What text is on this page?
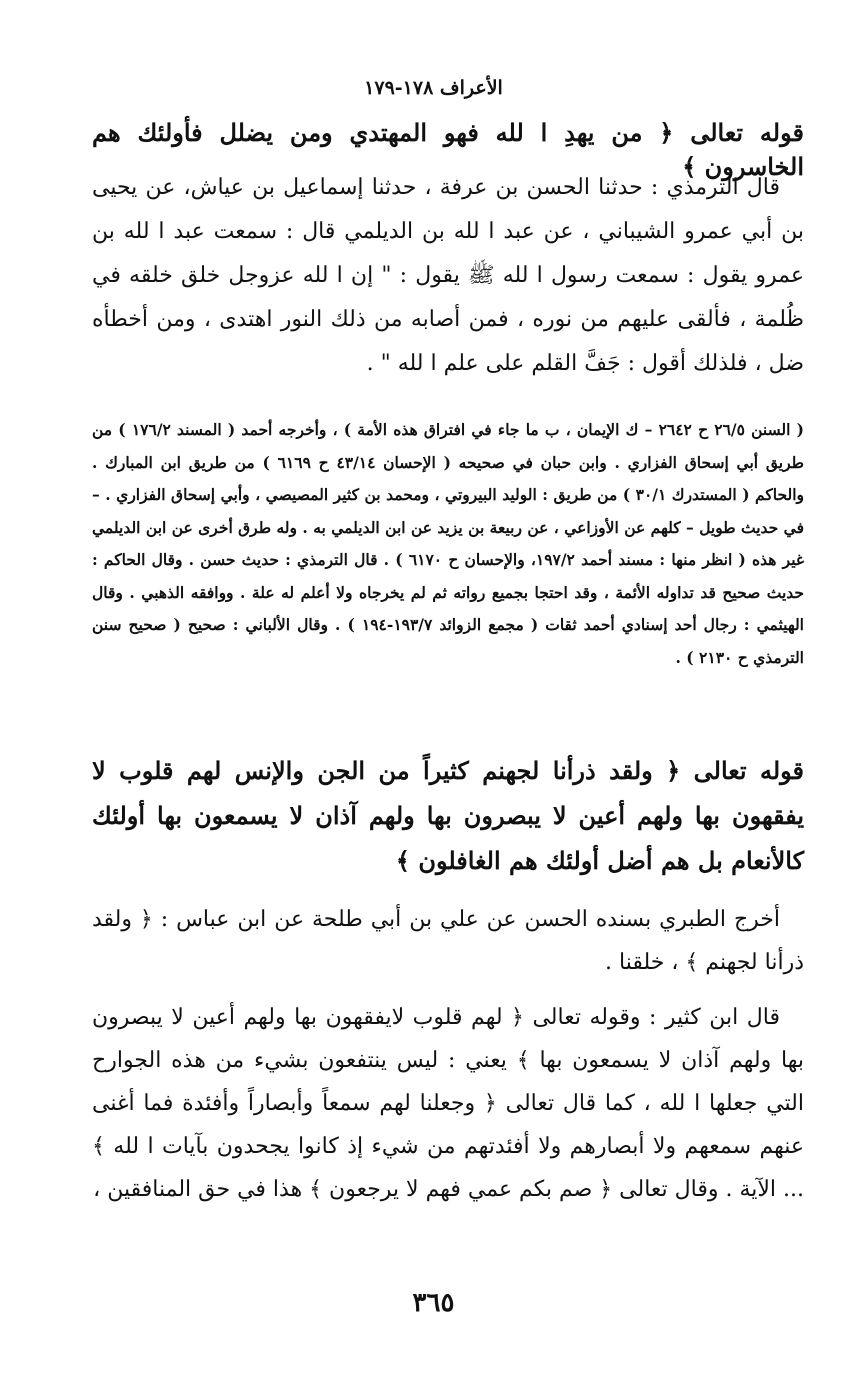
الأعراف ١٧٨-١٧٩

قوله تعالى ﴿ من يهدِ ا لله فهو المهتدي ومن يضلل فأولئك هم الخاسرون ﴾

قال الترمذي : حدثنا الحسن بن عرفة ، حدثنا إسماعيل بن عياش، عن يحيى بن أبي عمرو الشيباني ، عن عبد ا لله بن الديلمي قال : سمعت عبد ا لله بن عمرو يقول : سمعت رسول ا لله ﷺ يقول : " إن ا لله عزوجل خلق خلقه في ظُلمة ، فألقى عليهم من نوره ، فمن أصابه من ذلك النور اهتدى ، ومن أخطأه ضل ، فلذلك أقول : جَفَّ القلم على علم ا لله " .

( السنن ٢٦/٥ ح ٢٦٤٢ – ك الإيمان ، ب ما جاء في افتراق هذه الأمة ) ، وأخرجه أحمد ( المسند ١٧٦/٢ ) من طريق أبي إسحاق الفزاري . وابن حبان في صحيحه ( الإحسان ٤٣/١٤ ح ٦١٦٩ ) من طريق ابن المبارك . والحاكم ( المستدرك ٣٠/١ ) من طريق : الوليد البيروتي ، ومحمد بن كثير المصيصي ، وأبي إسحاق الفزاري . – في حديث طويل – كلهم عن الأوزاعي ، عن ربيعة بن يزيد عن ابن الديلمي به . وله طرق أخرى عن ابن الديلمي غير هذه ( انظر منها : مسند أحمد ١٩٧/٢، والإحسان ح ٦١٧٠ ) . قال الترمذي : حديث حسن . وقال الحاكم : حديث صحيح قد تداوله الأئمة ، وقد احتجا بجميع رواته ثم لم يخرجاه ولا أعلم له علة . ووافقه الذهبي . وقال الهيثمي : رجال أحد إسنادي أحمد ثقات ( مجمع الزوائد ١٩٣/٧-١٩٤ ) . وقال الألباني : صحيح ( صحيح سنن الترمذي ح ٢١٣٠ ) .

قوله تعالى ﴿ ولقد ذرأنا لجهنم كثيراً من الجن والإنس لهم قلوب لا يفقهون بها ولهم أعين لا يبصرون بها ولهم آذان لا يسمعون بها أولئك كالأنعام بل هم أضل أولئك هم الغافلون ﴾

أخرج الطبري بسنده الحسن عن علي بن أبي طلحة عن ابن عباس : ﴿ ولقد ذرأنا لجهنم ﴾ ، خلقنا .

قال ابن كثير : وقوله تعالى ﴿ لهم قلوب لايفقهون بها ولهم أعين لا يبصرون بها ولهم آذان لا يسمعون بها ﴾ يعني : ليس ينتفعون بشيء من هذه الجوارح التي جعلها ا لله ، كما قال تعالى ﴿ وجعلنا لهم سمعاً وأبصاراً وأفئدة فما أغنى عنهم سمعهم ولا أبصارهم ولا أفئدتهم من شيء إذ كانوا يجحدون بآيات ا لله ﴾ ... الآية . وقال تعالى ﴿ صم بكم عمي فهم لا يرجعون ﴾ هذا في حق المنافقين ،

٣٦٥
